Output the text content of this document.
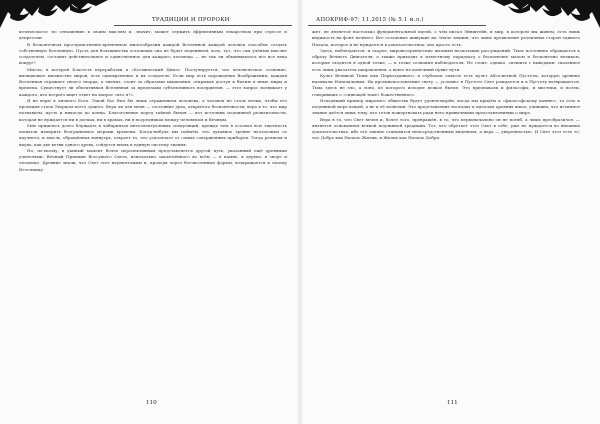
ТРАДИЦИИ И ПРОРОКИ

кетического» по отношению к своим мыслям и, значит, может служить эффективным лекарством при стрессе и депрессии.

В безконечном пространственно-временном многообразии каждой Вселенной каждой человек способен создать собственную Вселенную. Пусть для большинства остальных она не будет подлинной, хоть, тут, что сам учёным мыслит создателем, составит действительное и единственное для каждого человека — не так ли обманывалось все все века вокруг?

Мысль, в которой Благость переработки в «Космический Цикл». Постулируется, что человеческое сознание, вмещающее множество миров, есть одновременно и их создатель. Если мир есть порождение Воображения, каждая Вселенная отражает своего творца, а значит, стоит за образами мышления, открывая доступ к бытию в иные миры и времена. Существует ли объективная Вселенная за пределами субъективного восприятия, — этот вопрос возникает у каждого, кто всерьёз ищет ответ на вопрос «кто я?».

Я не верю в личного Бога. Такой Бог был бы лишь отражением человека, а человек не столь велик, чтобы его проекция стала Творцом всего сущего. Вера ли для меня — состояние духа, открытого бесконечности; вера в то, что мир познаваем, пусть и никогда до конца. Благоговение перед тайной бытия — вот источник подлинной религиозности, которая не нуждается ни в догмах, ни в храмах, ни в посредниках между человеком и Вечным.

Мне пришлось долго блуждать в лабиринтах интеллектуальных спекуляций, прежде чем я осознал всю тщетность попыток измерить безграничное мерами времени. Когда-нибудь мы поймём, что духовное зрение неотделимо от научного, и мысль, обращённая вовнутрь, откроет то, что ускользает от самых совершенных приборов. Тогда религия и наука, как две ветви одного древа, сойдутся вновь в единую систему знания.

Но, по-моему, в данный момент более перспективным представляется другой путь, указанный ещё древними учителями: Вечный Принцип Всесущего Света, изначально заключённого во всём — в камне, в дереве, в звере и человеке. Древние знали, что Свет этот неуничтожим и, проходя через бесчисленные формы, возвращается к своему Источнику.

110
АПОКРИФ-97: 11.2015 (№ 5.1 и.л.)

жет, не является настолько фундаментальной идеей, о чём писал Эйнштейн, и мир, в котором мы живём, есть лишь видимость на фоне вечного. Все остальные живущие на Земле знания, что лишь проявление различных сторон единого Начала, которое и не нуждается в доказательствах: оно просто есть.

Здесь, наблюдаются, и скорее, мировоззренческие штаммы нескольких рассуждений. Тыль постоянно обращается к образу Вечного Двигателя, а также приходит к известному парадоксу о бесконечно малом и бесконечно великом, которые сходятся в одной точке, — в точке сознания наблюдателя. Не стоит, однако, спешить с выводами: сказанное есть лишь указатель направления, а вовсе не конечный пункт пути.

Культ Великой Тьмы или Первозданного, в глубоком смысле есть культ Абсолютной Пустоты, которую древние называли Изначальным. Их противопоставление свету — условно: в Пустоте Свет рождается и в Пустоту возвращается. Тьма здесь не зло, а лоно, из которого исходит всякое бытие. Это признавали и философы, и мистики, и поэты, говорившие о «сияющей тьме» божественного.

Исходящий пример мирового общества будет удовлетворён, когда мы придём к «философскому камню», то есть к подлинной мере вещей, а не к её иллюзии. Это представление восходит к идеалам древних школ, учивших, что истинное знание даётся лишь тому, кто готов пожертвовать ради него привычными представлениями о мире.

Вера в то, что Свет вечен и, более того, превращён, в то, что первоначально он не погиб, а лишь преобразился, — является основанием всякой подлинной традиции. Тот, кто обретает этот Свет в себе, уже не нуждается во внешних доказательствах, ибо его знание становится непосредственным видением, а вера — уверенностью. И Свет этот есть то, что Добро как Начало Жизни, и Жизнь как Начало Добра.

111
